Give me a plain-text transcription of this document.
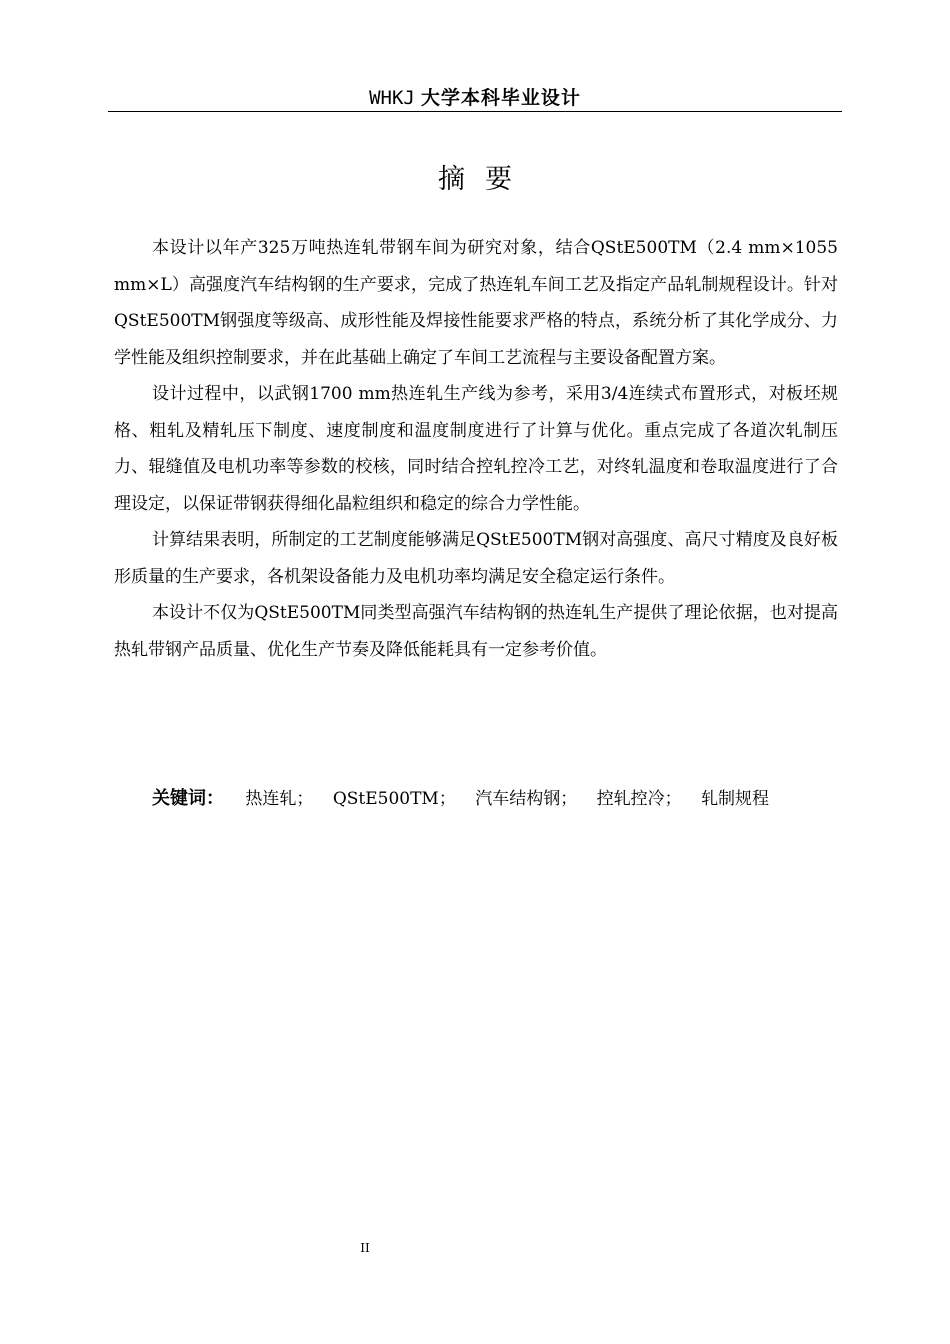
WHKJ 大学本科毕业设计
摘要

本设计以年产325万吨热连轧带钢车间为研究对象，结合QStE500TM（2.4 mm×1055 mm×L）高强度汽车结构钢的生产要求，完成了热连轧车间工艺及指定产品轧制规程设计。针对QStE500TM钢强度等级高、成形性能及焊接性能要求严格的特点，系统分析了其化学成分、力学性能及组织控制要求，并在此基础上确定了车间工艺流程与主要设备配置方案。

设计过程中，以武钢1700 mm热连轧生产线为参考，采用3/4连续式布置形式，对板坯规格、粗轧及精轧压下制度、速度制度和温度制度进行了计算与优化。重点完成了各道次轧制压力、辊缝值及电机功率等参数的校核，同时结合控轧控冷工艺，对终轧温度和卷取温度进行了合理设定，以保证带钢获得细化晶粒组织和稳定的综合力学性能。

计算结果表明，所制定的工艺制度能够满足QStE500TM钢对高强度、高尺寸精度及良好板形质量的生产要求，各机架设备能力及电机功率均满足安全稳定运行条件。

本设计不仅为QStE500TM同类型高强汽车结构钢的热连轧生产提供了理论依据，也对提高热轧带钢产品质量、优化生产节奏及降低能耗具有一定参考价值。

关键词： 热连轧； QStE500TM； 汽车结构钢； 控轧控冷； 轧制规程
II
